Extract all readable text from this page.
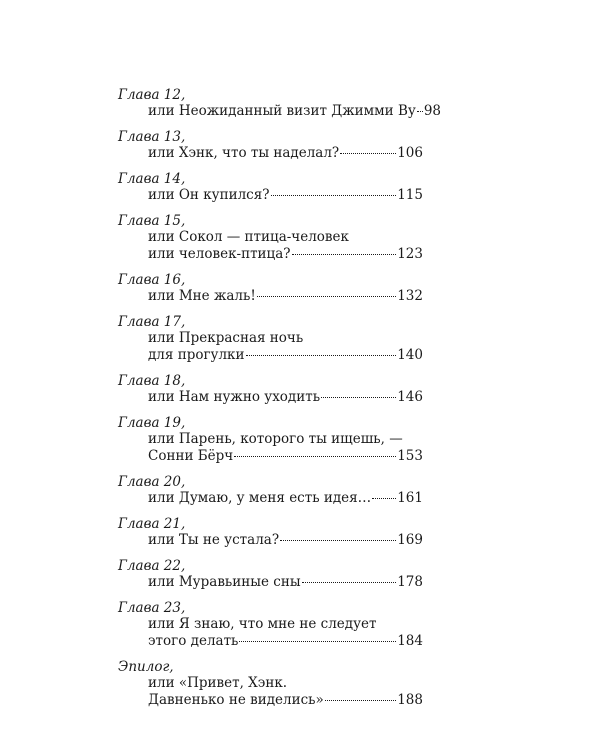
Глава 12,
или Неожиданный визит Джимми Ву 98
Глава 13,
или Хэнк, что ты наделал?	106
Глава 14,
или Он купился?	115
Глава 15,
или Сокол — птица-человек
или человек-птица?	123
Глава 16,
или Мне жаль!	132
Глава 17,
или Прекрасная ночь
для прогулки	140
Глава 18,
или Нам нужно уходить	146
Глава 19,
или Парень, которого ты ищешь, —
Сонни Бёрч	153
Глава 20,
или Думаю, у меня есть идея… 161
Глава 21,
или Ты не устала?	169
Глава 22,
или Муравьиные сны	178
Глава 23,
или Я знаю, что мне не следует
этого делать	184
Эпилог,
или «Привет, Хэнк.
Давненько не виделись»	188
